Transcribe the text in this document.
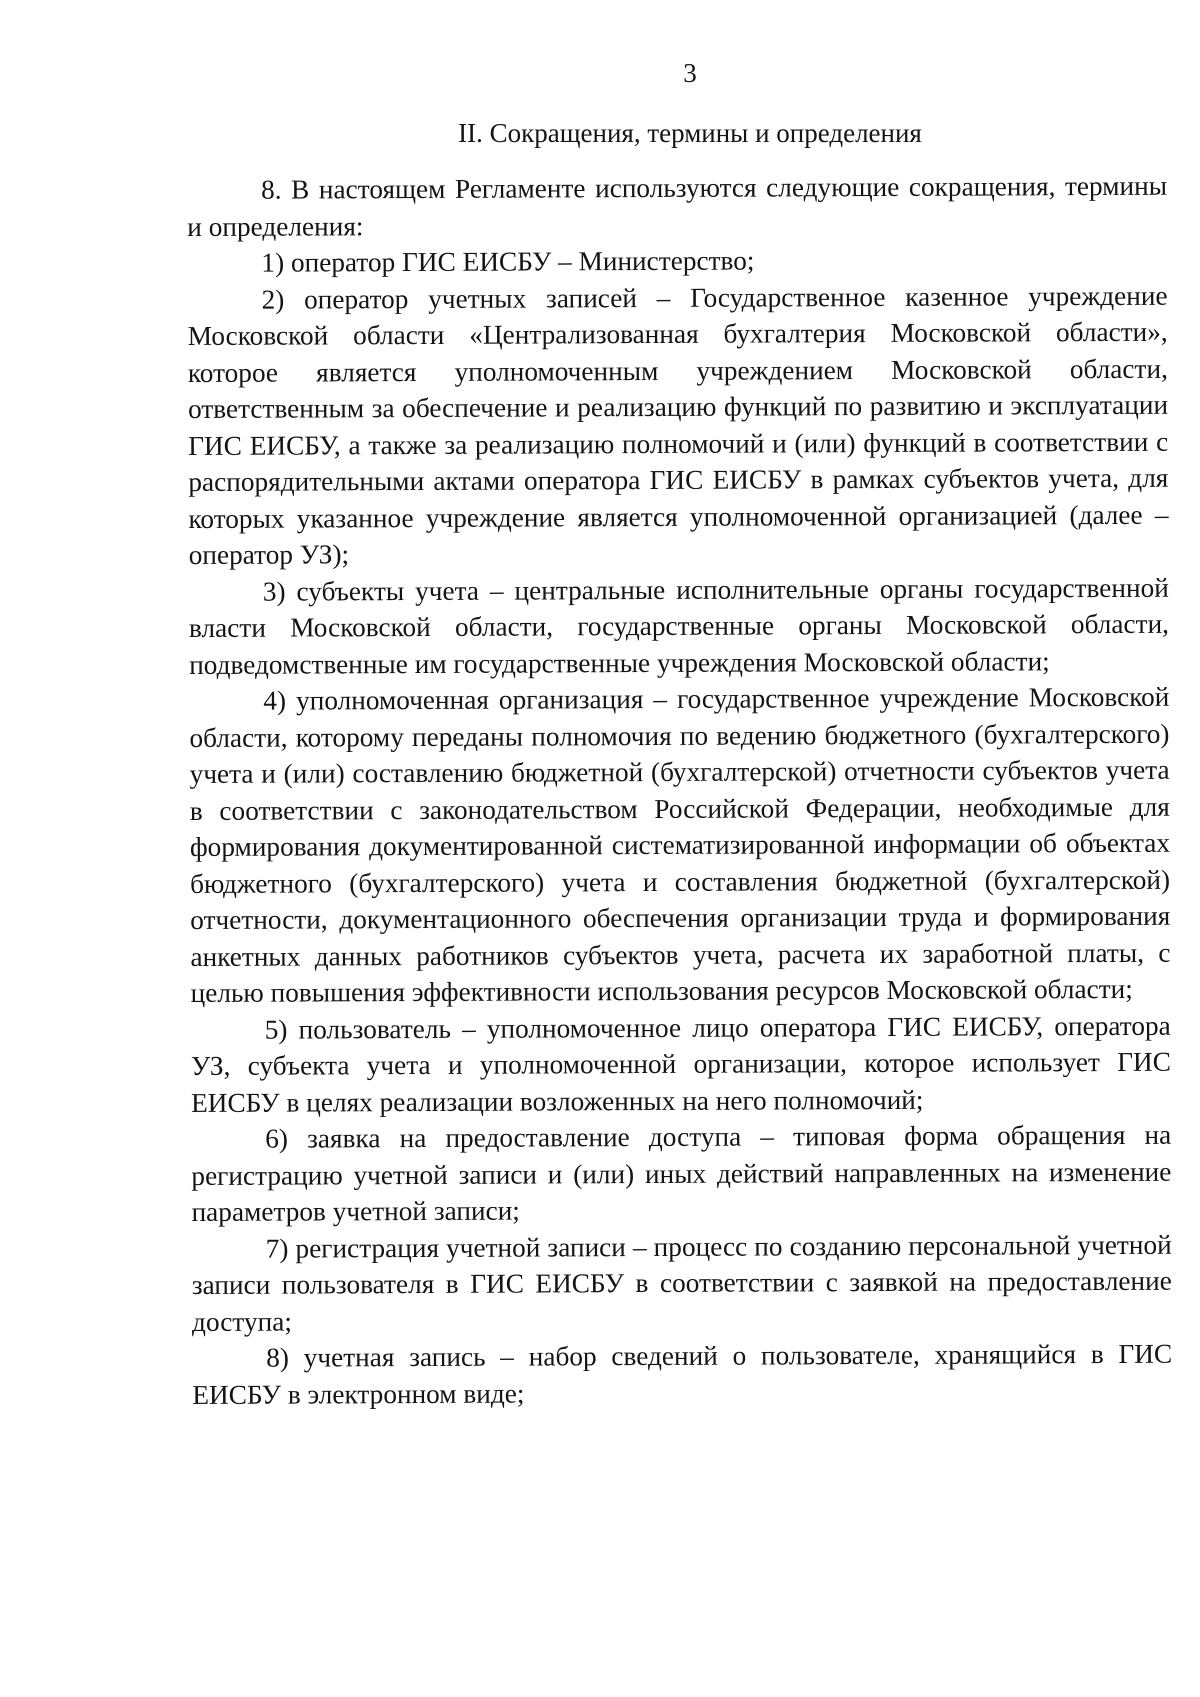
3
II. Сокращения, термины и определения

8. В настоящем Регламенте используются следующие сокращения, термины и определения:

1) оператор ГИС ЕИСБУ – Министерство;

2) оператор учетных записей – Государственное казенное учреждение Московской области «Централизованная бухгалтерия Московской области», которое является уполномоченным учреждением Московской области, ответственным за обеспечение и реализацию функций по развитию и эксплуатации ГИС ЕИСБУ, а также за реализацию полномочий и (или) функций в соответствии с распорядительными актами оператора ГИС ЕИСБУ в рамках субъектов учета, для которых указанное учреждение является уполномоченной организацией (далее – оператор УЗ);

3) субъекты учета – центральные исполнительные органы государственной власти Московской области, государственные органы Московской области, подведомственные им государственные учреждения Московской области;

4) уполномоченная организация – государственное учреждение Московской области, которому переданы полномочия по ведению бюджетного (бухгалтерского) учета и (или) составлению бюджетной (бухгалтерской) отчетности субъектов учета в соответствии с законодательством Российской Федерации, необходимые для формирования документированной систематизированной информации об объектах бюджетного (бухгалтерского) учета и составления бюджетной (бухгалтерской) отчетности, документационного обеспечения организации труда и формирования анкетных данных работников субъектов учета, расчета их заработной платы, с целью повышения эффективности использования ресурсов Московской области;

5) пользователь – уполномоченное лицо оператора ГИС ЕИСБУ, оператора УЗ, субъекта учета и уполномоченной организации, которое использует ГИС ЕИСБУ в целях реализации возложенных на него полномочий;

6) заявка на предоставление доступа – типовая форма обращения на регистрацию учетной записи и (или) иных действий направленных на изменение параметров учетной записи;

7) регистрация учетной записи – процесс по созданию персональной учетной записи пользователя в ГИС ЕИСБУ в соответствии с заявкой на предоставление доступа;

8) учетная запись – набор сведений о пользователе, хранящийся в ГИС ЕИСБУ в электронном виде;
